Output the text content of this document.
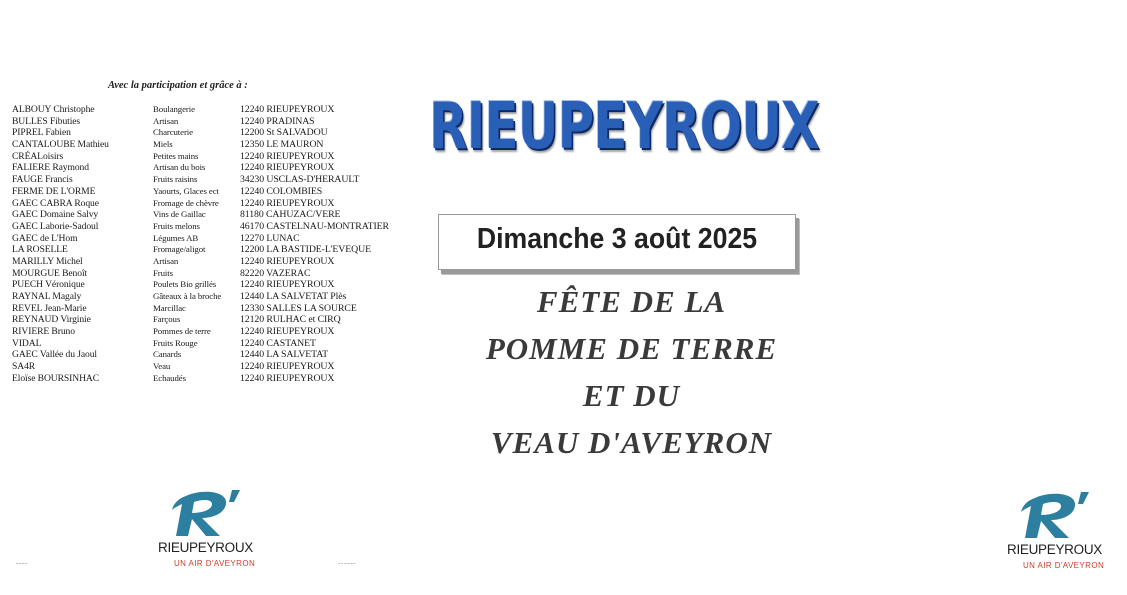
Avec la participation et grâce à :
ALBOUY Christophe	Boulangerie	12240 RIEUPEYROUX
BULLES Fibuties	Artisan	12240 PRADINAS
PIPREL Fabien	Charcuterie	12200 St SALVADOU
CANTALOUBE Mathieu	Miels	12350 LE MAURON
CRÉALoisirs	Petites mains	12240 RIEUPEYROUX
FALIERE Raymond	Artisan du bois	12240 RIEUPEYROUX
FAUGE Francis	Fruits raisins	34230 USCLAS-D'HERAULT
FERME DE L'ORME	Yaourts, Glaces ect	12240 COLOMBIES
GAEC CABRA Roque	Fromage de chèvre	12240 RIEUPEYROUX
GAEC Domaine Salvy	Vins de Gaillac	81180 CAHUZAC/VERE
GAEC Laborie-Sadoul	Fruits melons	46170 CASTELNAU-MONTRATIER
GAEC de L'Hom	Légumes AB	12270 LUNAC
LA ROSELLE	Fromage/aligot	12200 LA BASTIDE-L'EVEQUE
MARILLY Michel	Artisan	12240 RIEUPEYROUX
MOURGUE Benoît	Fruits	82220 VAZERAC
PUECH Véronique	Poulets Bio grillés	12240 RIEUPEYROUX
RAYNAL Magaly	Gâteaux à la broche	12440 LA SALVETAT Plès
REVEL Jean-Marie	Marcillac	12330 SALLES LA SOURCE
REYNAUD Virginie	Farçous	12120 RULHAC et CIRQ
RIVIERE Bruno	Pommes de terre	12240 RIEUPEYROUX
VIDAL	Fruits Rouge	12240 CASTANET
GAEC Vallée du Jaoul	Canards	12440 LA SALVETAT
SA4R	Veau	12240 RIEUPEYROUX
Eloïse BOURSINHAC	Echaudés	12240 RIEUPEYROUX
RIEUPEYROUX
UN AIR D'AVEYRON
⎯ ⎯ ⎯ ⎯	⎯ ⎯ ⎯ ⎯ ⎯ ⎯
RIEUPEYROUX
Dimanche 3 août 2025
FÊTE DE LA
POMME DE TERRE
ET DU
VEAU D'AVEYRON
RIEUPEYROUX
UN AIR D'AVEYRON
